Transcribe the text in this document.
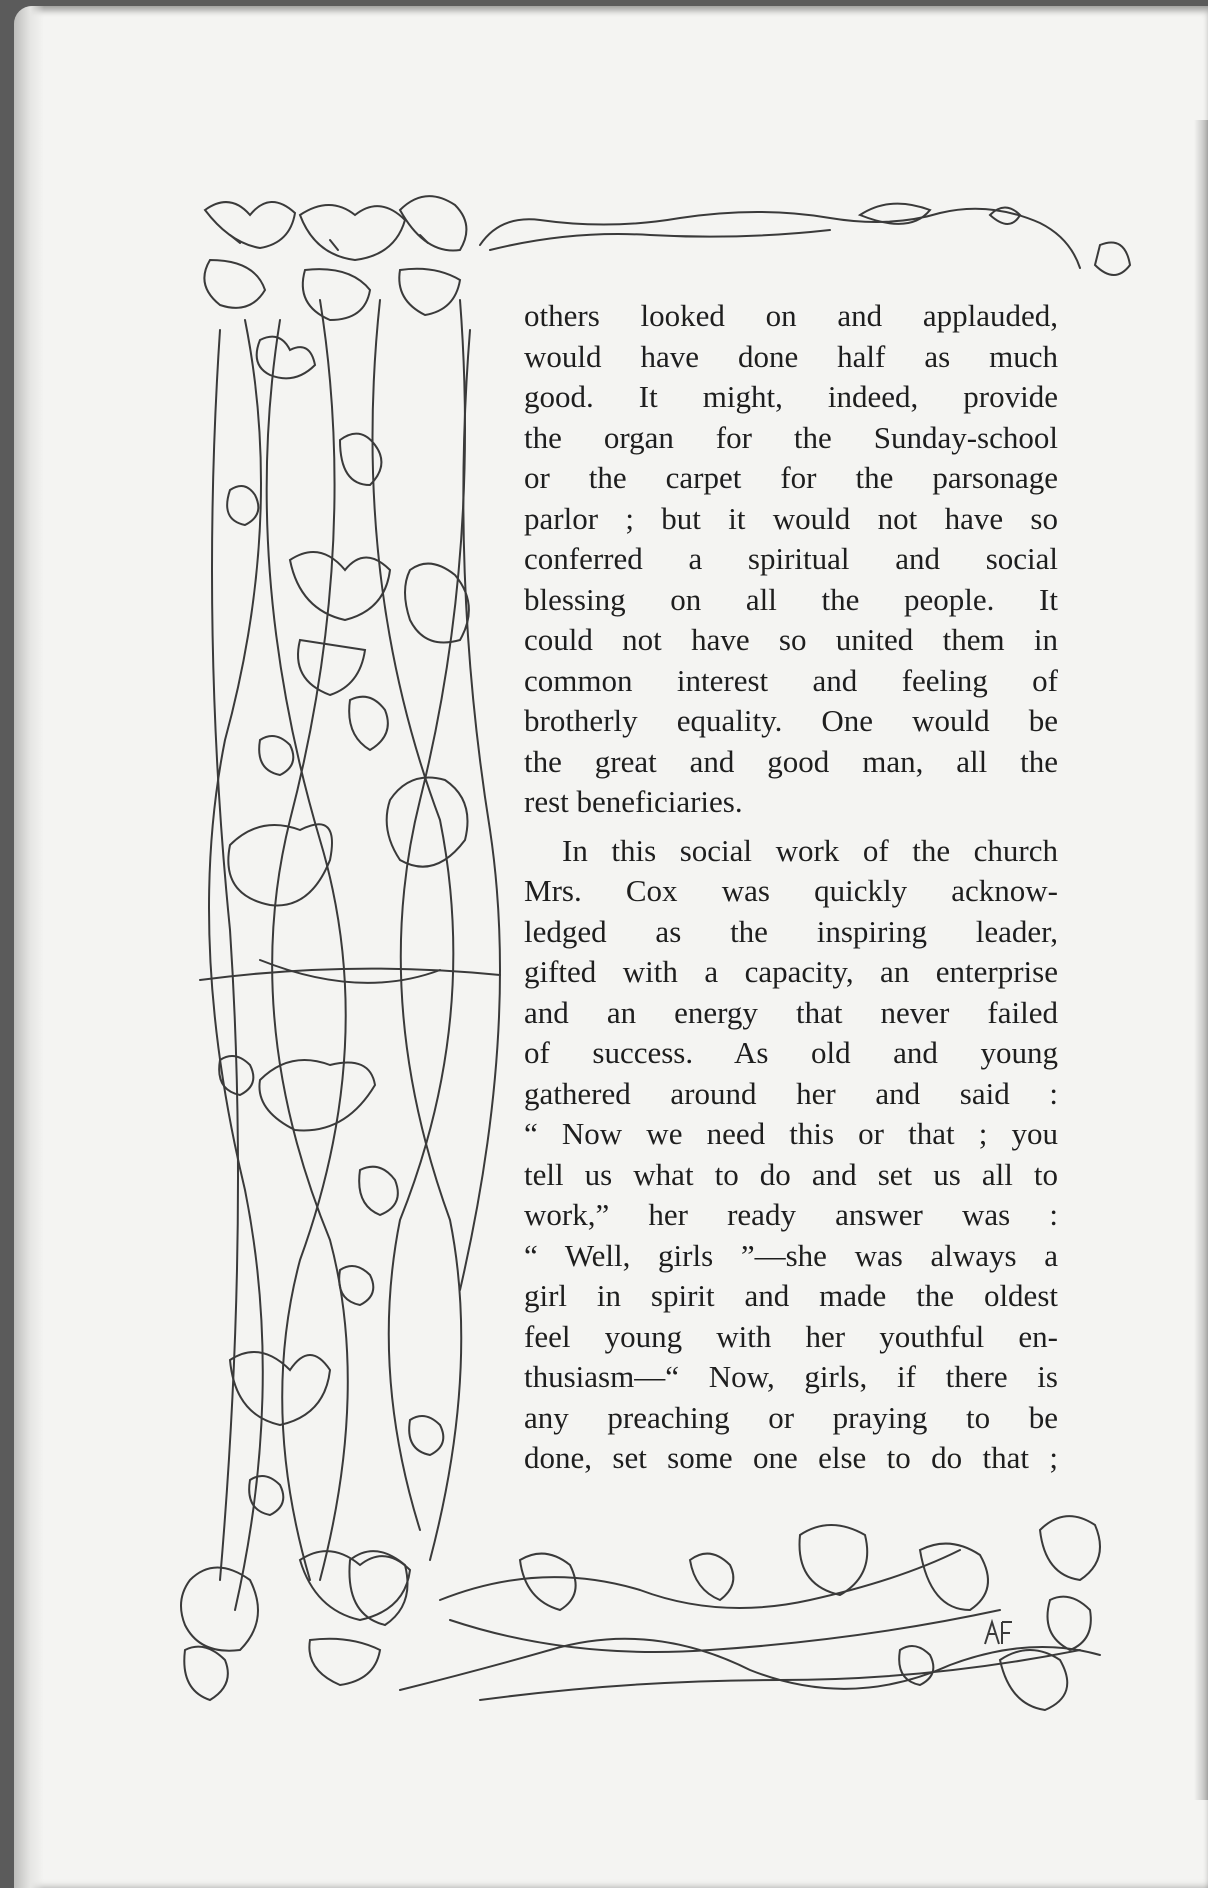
others looked on and applauded,
would have done half as much
good. It might, indeed, provide
the organ for the Sunday-school
or the carpet for the parsonage
parlor ; but it would not have so
conferred a spiritual and social
blessing on all the people. It
could not have so united them in
common interest and feeling of
brotherly equality. One would be
the great and good man, all the
rest beneficiaries.
In this social work of the church
Mrs. Cox was quickly acknow-
ledged as the inspiring leader,
gifted with a capacity, an enterprise
and an energy that never failed
of success. As old and young
gathered around her and said :
“ Now we need this or that ; you
tell us what to do and set us all to
work,” her ready answer was :
“ Well, girls ”—she was always a
girl in spirit and made the oldest
feel young with her youthful en-
thusiasm—“ Now, girls, if there is
any preaching or praying to be
done, set some one else to do that ;
